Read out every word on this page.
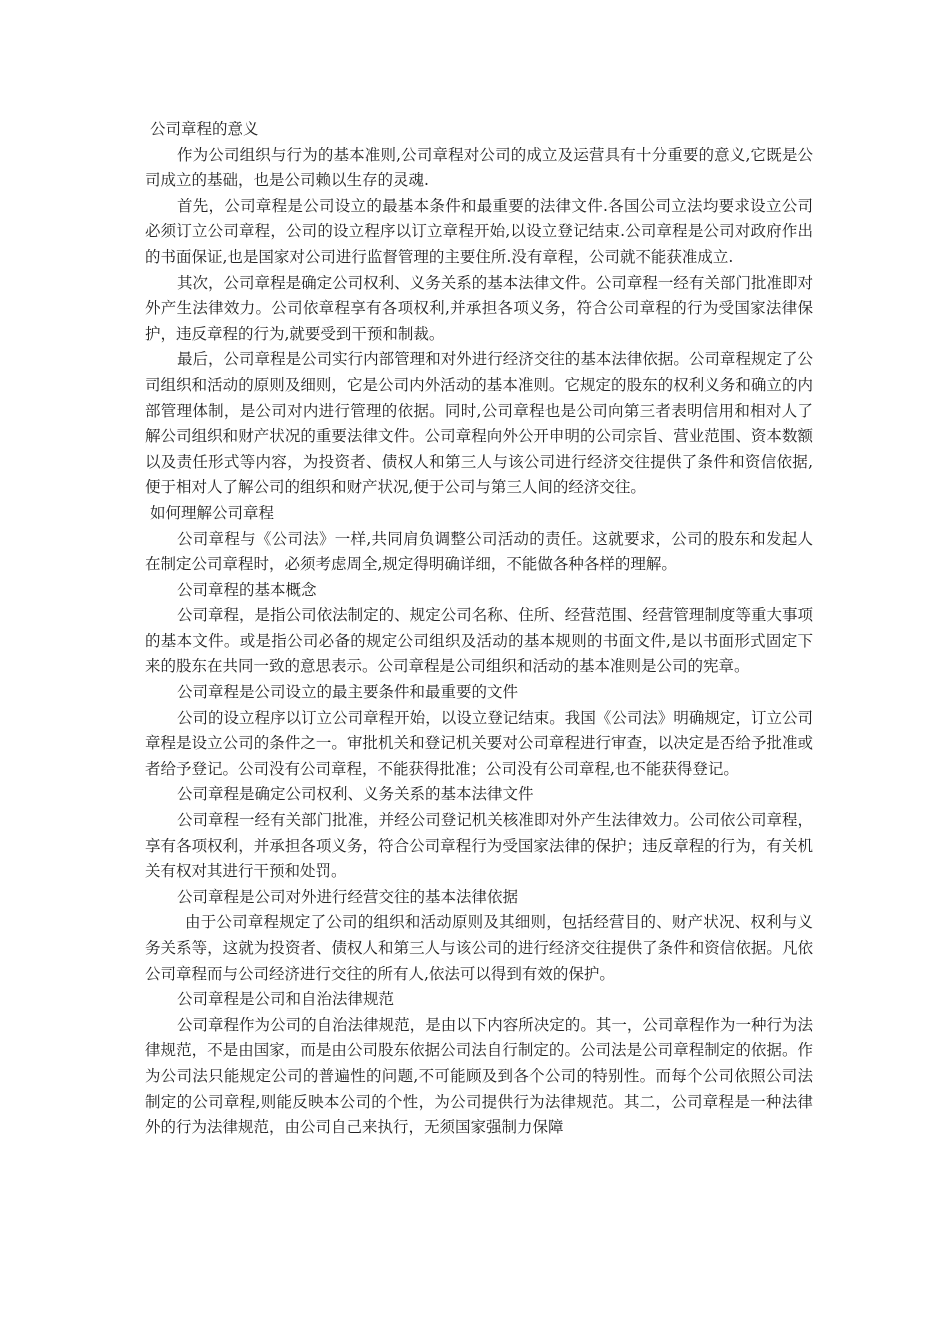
公司章程的意义

作为公司组织与行为的基本准则,公司章程对公司的成立及运营具有十分重要的意义,它既是公司成立的基础，也是公司赖以生存的灵魂.

首先，公司章程是公司设立的最基本条件和最重要的法律文件.各国公司立法均要求设立公司必须订立公司章程，公司的设立程序以订立章程开始,以设立登记结束.公司章程是公司对政府作出的书面保证,也是国家对公司进行监督管理的主要住所.没有章程，公司就不能获准成立.

其次，公司章程是确定公司权利、义务关系的基本法律文件。公司章程一经有关部门批准即对外产生法律效力。公司依章程享有各项权利,并承担各项义务，符合公司章程的行为受国家法律保护，违反章程的行为,就要受到干预和制裁。

最后，公司章程是公司实行内部管理和对外进行经济交往的基本法律依据。公司章程规定了公司组织和活动的原则及细则，它是公司内外活动的基本准则。它规定的股东的权利义务和确立的内部管理体制，是公司对内进行管理的依据。同时,公司章程也是公司向第三者表明信用和相对人了解公司组织和财产状况的重要法律文件。公司章程向外公开申明的公司宗旨、营业范围、资本数额以及责任形式等内容，为投资者、债权人和第三人与该公司进行经济交往提供了条件和资信依据,便于相对人了解公司的组织和财产状况,便于公司与第三人间的经济交往。

如何理解公司章程

公司章程与《公司法》一样,共同肩负调整公司活动的责任。这就要求，公司的股东和发起人在制定公司章程时，必须考虑周全,规定得明确详细，不能做各种各样的理解。

公司章程的基本概念

公司章程，是指公司依法制定的、规定公司名称、住所、经营范围、经营管理制度等重大事项的基本文件。或是指公司必备的规定公司组织及活动的基本规则的书面文件,是以书面形式固定下来的股东在共同一致的意思表示。公司章程是公司组织和活动的基本准则是公司的宪章。

公司章程是公司设立的最主要条件和最重要的文件

公司的设立程序以订立公司章程开始，以设立登记结束。我国《公司法》明确规定，订立公司章程是设立公司的条件之一。审批机关和登记机关要对公司章程进行审查，以决定是否给予批准或者给予登记。公司没有公司章程，不能获得批准；公司没有公司章程,也不能获得登记。

公司章程是确定公司权利、义务关系的基本法律文件

公司章程一经有关部门批准，并经公司登记机关核准即对外产生法律效力。公司依公司章程，享有各项权利，并承担各项义务，符合公司章程行为受国家法律的保护；违反章程的行为，有关机关有权对其进行干预和处罚。

公司章程是公司对外进行经营交往的基本法律依据

由于公司章程规定了公司的组织和活动原则及其细则，包括经营目的、财产状况、权利与义务关系等，这就为投资者、债权人和第三人与该公司的进行经济交往提供了条件和资信依据。凡依公司章程而与公司经济进行交往的所有人,依法可以得到有效的保护。

公司章程是公司和自治法律规范

公司章程作为公司的自治法律规范，是由以下内容所决定的。其一，公司章程作为一种行为法律规范，不是由国家，而是由公司股东依据公司法自行制定的。公司法是公司章程制定的依据。作为公司法只能规定公司的普遍性的问题,不可能顾及到各个公司的特别性。而每个公司依照公司法制定的公司章程,则能反映本公司的个性，为公司提供行为法律规范。其二，公司章程是一种法律外的行为法律规范，由公司自己来执行，无须国家强制力保障
